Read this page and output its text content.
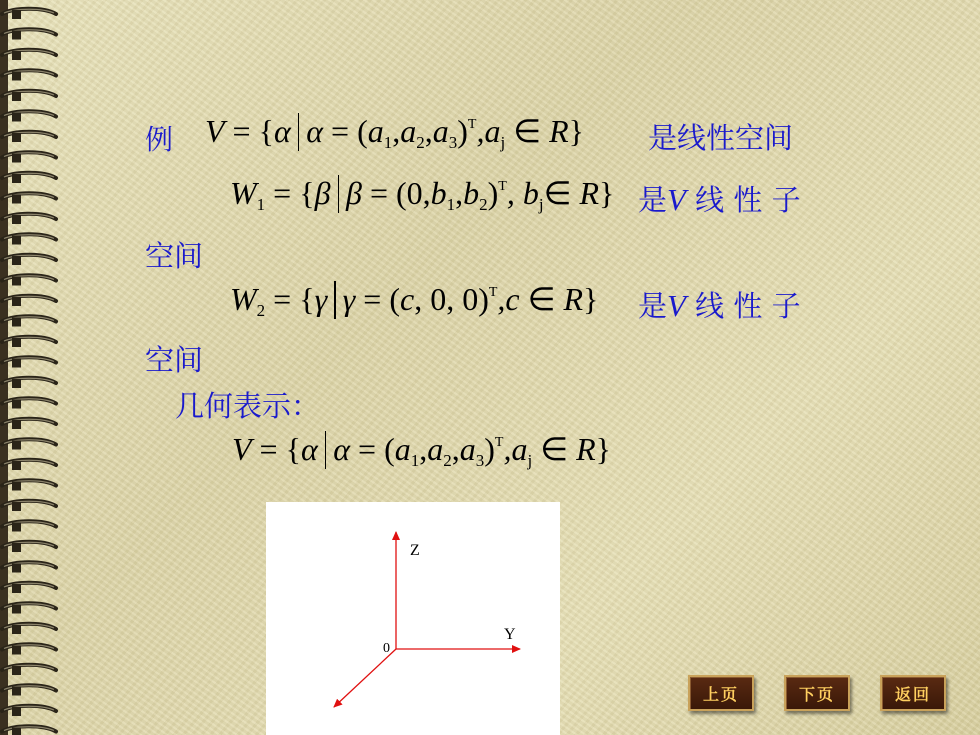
例 V = {α $\alpha = (a_1,a_2,a_3)^T,a_j$ ∈ R} 是线性空间
$W_1 = \{\beta$ $\beta = (0,b_1,b_2)^T$, $b_j\in$ R} 是V 线 性 子
空间
$W_2 = \{\gamma$ γ = (c, 0, 0)$^T$,c ∈ R} 是V 线 性 子
空间
几何表示：
V = {α $\alpha = (a_1,a_2,a_3)^T,a_j$ ∈ R}
Z
Y
0
上页	下页	返回
